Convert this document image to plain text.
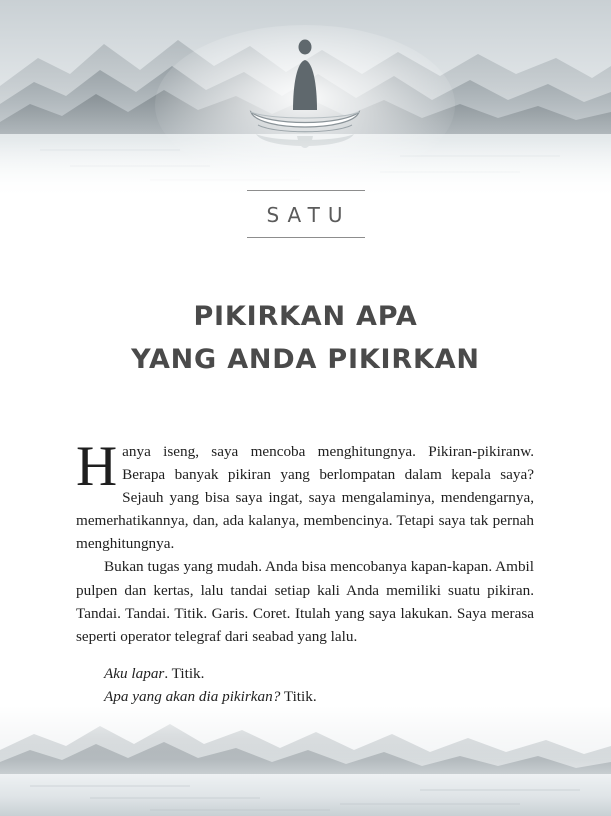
SATU
PIKIRKAN APA
YANG ANDA PIKIRKAN

Hanya iseng, saya mencoba menghitungnya. Pikiran-pikiranw. Berapa banyak pikiran yang berlompatan dalam kepala saya? Sejauh yang bisa saya ingat, saya mengalaminya, mendengarnya, memerhatikannya, dan, ada kalanya, membencinya. Tetapi saya tak pernah menghitungnya.

Bukan tugas yang mudah. Anda bisa mencobanya kapan-kapan. Ambil pulpen dan kertas, lalu tandai setiap kali Anda memiliki suatu pikiran. Tandai. Tandai. Titik. Garis. Coret. Itulah yang saya lakukan. Saya merasa seperti operator telegraf dari seabad yang lalu.

Aku lapar. Titik.

Apa yang akan dia pikirkan? Titik.
